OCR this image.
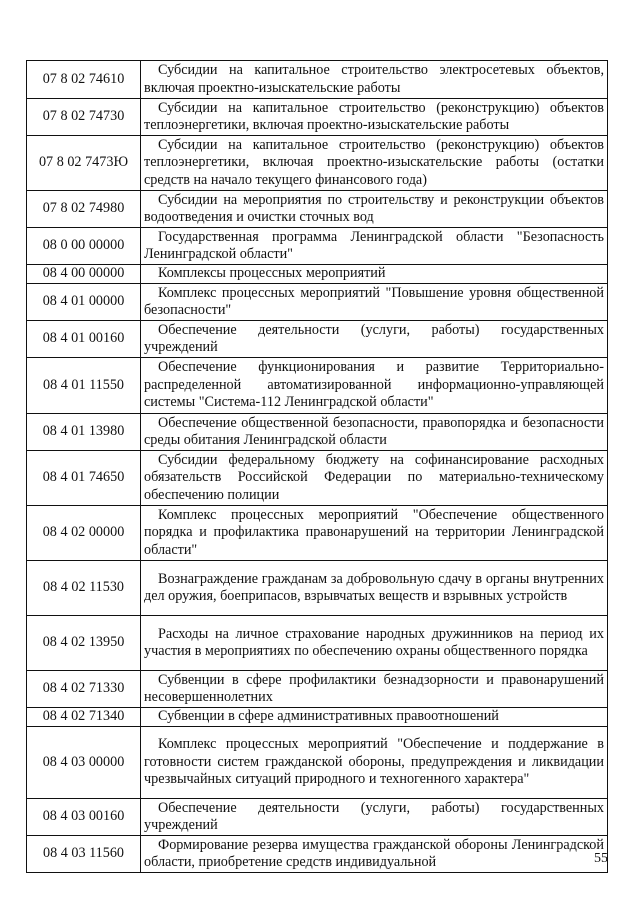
07 8 02 74610	Субсидии на капитальное строительство электросетевых объектов, включая проектно-изыскательские работы
07 8 02 74730	Субсидии на капитальное строительство (реконструкцию) объектов теплоэнергетики, включая проектно-изыскательские работы
07 8 02 7473Ю	Субсидии на капитальное строительство (реконструкцию) объектов теплоэнергетики, включая проектно-изыскательские работы (остатки средств на начало текущего финансового года)
07 8 02 74980	Субсидии на мероприятия по строительству и реконструкции объектов водоотведения и очистки сточных вод
08 0 00 00000	Государственная программа Ленинградской области "Безопасность Ленинградской области"
08 4 00 00000	Комплексы процессных мероприятий
08 4 01 00000	Комплекс процессных мероприятий "Повышение уровня общественной безопасности"
08 4 01 00160	Обеспечение деятельности (услуги, работы) государственных учреждений
08 4 01 11550	Обеспечение функционирования и развитие Территориально-распределенной автоматизированной информационно-управляющей системы "Система-112 Ленинградской области"
08 4 01 13980	Обеспечение общественной безопасности, правопорядка и безопасности среды обитания Ленинградской области
08 4 01 74650	Субсидии федеральному бюджету на софинансирование расходных обязательств Российской Федерации по материально-техническому обеспечению полиции
08 4 02 00000	Комплекс процессных мероприятий "Обеспечение общественного порядка и профилактика правонарушений на территории Ленинградской области"
08 4 02 11530	Вознаграждение гражданам за добровольную сдачу в органы внутренних дел оружия, боеприпасов, взрывчатых веществ и взрывных устройств
08 4 02 13950	Расходы на личное страхование народных дружинников на период их участия в мероприятиях по обеспечению охраны общественного порядка
08 4 02 71330	Субвенции в сфере профилактики безнадзорности и правонарушений несовершеннолетних
08 4 02 71340	Субвенции в сфере административных правоотношений
08 4 03 00000	Комплекс процессных мероприятий "Обеспечение и поддержание в готовности систем гражданской обороны, предупреждения и ликвидации чрезвычайных ситуаций природного и техногенного характера"
08 4 03 00160	Обеспечение деятельности (услуги, работы) государственных учреждений
08 4 03 11560	Формирование резерва имущества гражданской обороны Ленинградской области, приобретение средств индивидуальной	55
